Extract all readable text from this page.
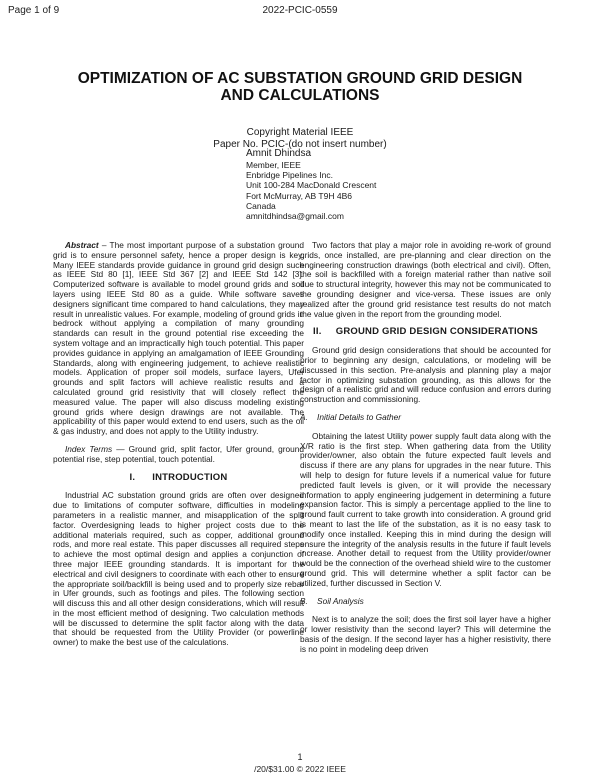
Page 1 of 9	2022-PCIC-0559
OPTIMIZATION OF AC SUBSTATION GROUND GRID DESIGN AND CALCULATIONS
Copyright Material IEEE
Paper No. PCIC-(do not insert number)
Amnit Dhindsa
Member, IEEE
Enbridge Pipelines Inc.
Unit 100-284 MacDonald Crescent
Fort McMurray, AB T9H 4B6
Canada
amnitdhindsa@gmail.com

Abstract – The most important purpose of a substation ground grid is to ensure personnel safety, hence a proper design is key. Many IEEE standards provide guidance in ground grid design such as IEEE Std 80 [1], IEEE Std 367 [2] and IEEE Std 142 [3]. Computerized software is available to model ground grids and soil layers using IEEE Std 80 as a guide. While software saves designers significant time compared to hand calculations, they may result in unrealistic values. For example, modeling of ground grids in bedrock without applying a compilation of many grounding standards can result in the ground potential rise exceeding the system voltage and an impractically high touch potential. This paper provides guidance in applying an amalgamation of IEEE Grounding Standards, along with engineering judgement, to achieve realistic models. Application of proper soil models, surface layers, Ufer grounds and split factors will achieve realistic results and a calculated ground grid resistivity that will closely reflect the measured value. The paper will also discuss modeling existing ground grids where design drawings are not available. The applicability of this paper would extend to end users, such as the oil & gas industry, and does not apply to the Utility industry.

Index Terms — Ground grid, split factor, Ufer ground, ground potential rise, step potential, touch potential.

I.      INTRODUCTION

Industrial AC substation ground grids are often over designed due to limitations of computer software, difficulties in modeling parameters in a realistic manner, and misapplication of the split factor. Overdesigning leads to higher project costs due to the additional materials required, such as copper, additional ground rods, and more real estate. This paper discusses all required steps to achieve the most optimal design and applies a conjunction of three major IEEE grounding standards. It is important for the electrical and civil designers to coordinate with each other to ensure the appropriate soil/backfill is being used and to properly size rebar in Ufer grounds, such as footings and piles. The following section will discuss this and all other design considerations, which will result in the most efficient method of designing. Two calculation methods will be discussed to determine the split factor along with the data that should be requested from the Utility Provider (or powerline owner) to make the best use of the calculations.

Two factors that play a major role in avoiding re-work of ground grids, once installed, are pre-planning and clear direction on the engineering construction drawings (both electrical and civil). Often, the soil is backfilled with a foreign material rather than native soil due to structural integrity, however this may not be communicated to the grounding designer and vice-versa. These issues are only realized after the ground grid resistance test results do not match the value given in the report from the grounding model.

II.     GROUND GRID DESIGN CONSIDERATIONS

Ground grid design considerations that should be accounted for prior to beginning any design, calculations, or modeling will be discussed in this section. Pre-analysis and planning play a major factor in optimizing substation grounding, as this allows for the design of a realistic grid and will reduce confusion and errors during construction and commissioning.

A.    Initial Details to Gather

Obtaining the latest Utility power supply fault data along with the X/R ratio is the first step. When gathering data from the Utility provider/owner, also obtain the future expected fault levels and discuss if there are any plans for upgrades in the near future. This will help to design for future levels if a numerical value for future predicted fault levels is given, or it will provide the necessary information to apply engineering judgement in determining a future expansion factor. This is simply a percentage applied to the line to ground fault current to take growth into consideration. A ground grid is meant to last the life of the substation, as it is no easy task to modify once installed. Keeping this in mind during the design will ensure the integrity of the analysis results in the future if fault levels increase. Another detail to request from the Utility provider/owner would be the connection of the overhead shield wire to the customer ground grid. This will determine whether a split factor can be utilized, further discussed in Section V.

B.    Soil Analysis

Next is to analyze the soil; does the first soil layer have a higher or lower resistivity than the second layer? This will determine the basis of the design. If the second layer has a higher resistivity, there is no point in modeling deep driven

1
/20/$31.00 © 2022 IEEE
